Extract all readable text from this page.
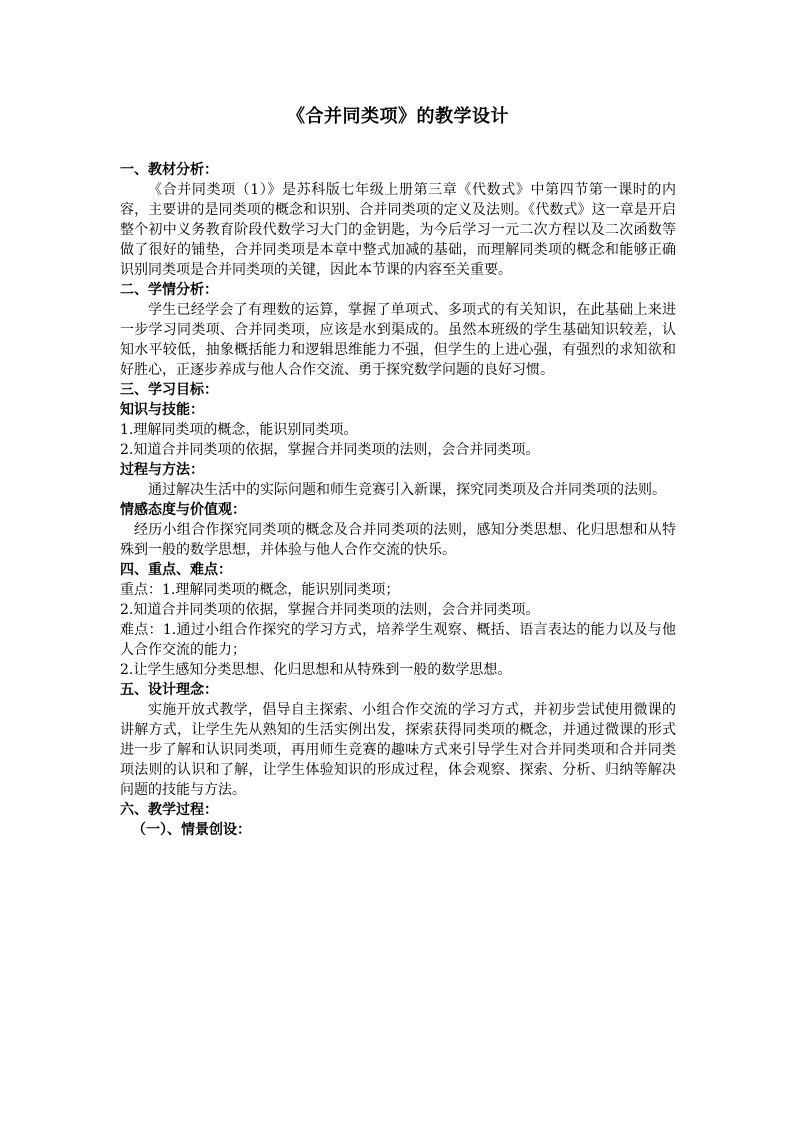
《合并同类项》的教学设计
一、教材分析：

《合并同类项（1）》是苏科版七年级上册第三章《代数式》中第四节第一课时的内容，主要讲的是同类项的概念和识别、合并同类项的定义及法则。《代数式》这一章是开启整个初中义务教育阶段代数学习大门的金钥匙，为今后学习一元二次方程以及二次函数等做了很好的铺垫，合并同类项是本章中整式加减的基础，而理解同类项的概念和能够正确识别同类项是合并同类项的关键，因此本节课的内容至关重要。

二、学情分析：

学生已经学会了有理数的运算，掌握了单项式、多项式的有关知识，在此基础上来进一步学习同类项、合并同类项，应该是水到渠成的。虽然本班级的学生基础知识较差，认知水平较低，抽象概括能力和逻辑思维能力不强，但学生的上进心强，有强烈的求知欲和好胜心，正逐步养成与他人合作交流、勇于探究数学问题的良好习惯。

三、学习目标：
知识与技能：

1.理解同类项的概念，能识别同类项。

2.知道合并同类项的依据，掌握合并同类项的法则，会合并同类项。

过程与方法：

通过解决生活中的实际问题和师生竞赛引入新课，探究同类项及合并同类项的法则。

情感态度与价值观：

经历小组合作探究同类项的概念及合并同类项的法则，感知分类思想、化归思想和从特殊到一般的数学思想，并体验与他人合作交流的快乐。

四、重点、难点：

重点：1.理解同类项的概念，能识别同类项；

2.知道合并同类项的依据，掌握合并同类项的法则，会合并同类项。

难点：1.通过小组合作探究的学习方式，培养学生观察、概括、语言表达的能力以及与他人合作交流的能力；

2.让学生感知分类思想、化归思想和从特殊到一般的数学思想。

五、设计理念：

实施开放式教学，倡导自主探索、小组合作交流的学习方式，并初步尝试使用微课的讲解方式，让学生先从熟知的生活实例出发，探索获得同类项的概念，并通过微课的形式进一步了解和认识同类项，再用师生竞赛的趣味方式来引导学生对合并同类项和合并同类项法则的认识和了解，让学生体验知识的形成过程，体会观察、探索、分析、归纳等解决问题的技能与方法。

六、教学过程：
（一）、情景创设：
